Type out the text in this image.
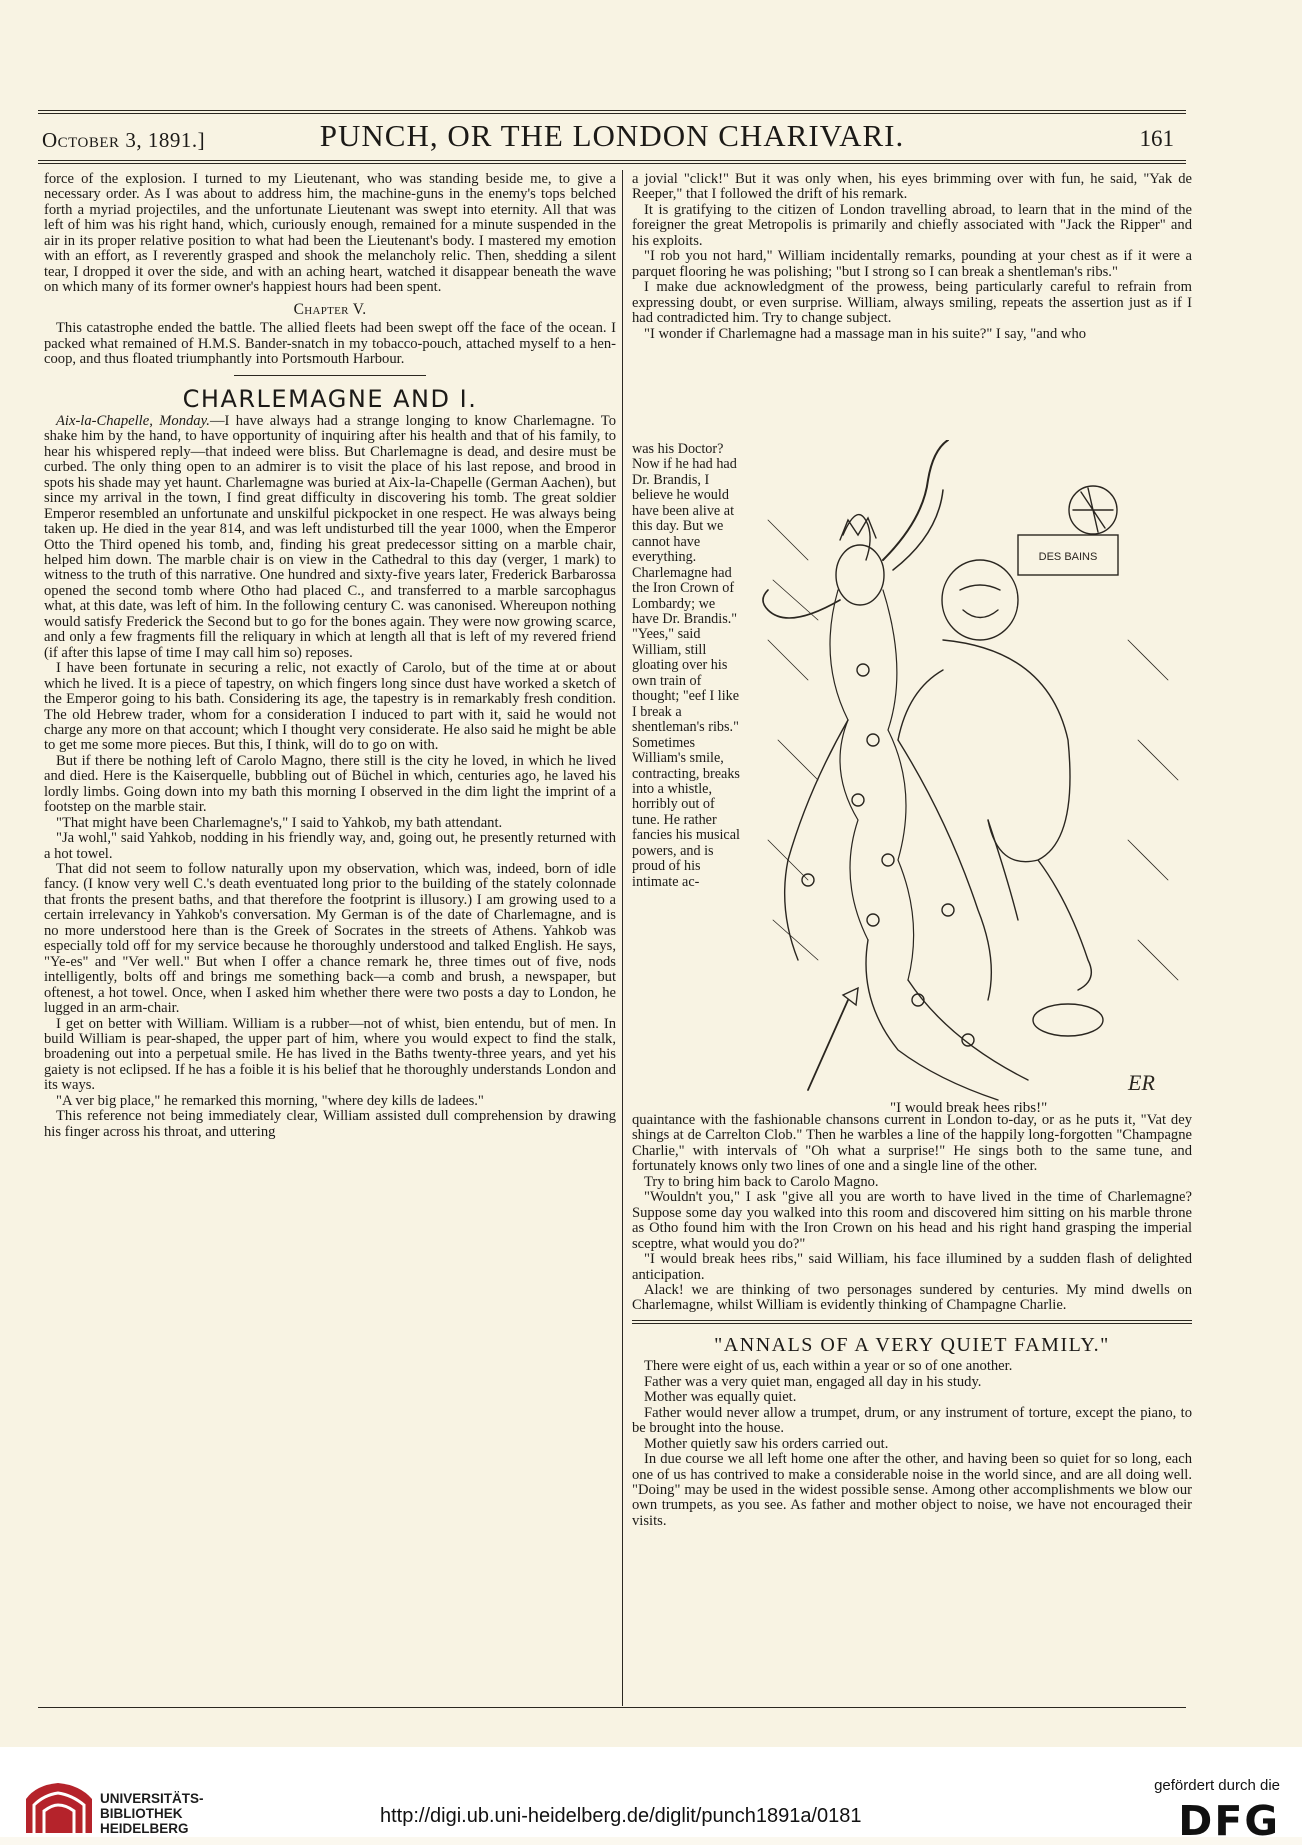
October 3, 1891.]	PUNCH, OR THE LONDON CHARIVARI.	161

force of the explosion. I turned to my Lieutenant, who was standing beside me, to give a necessary order. As I was about to address him, the machine-guns in the enemy's tops belched forth a myriad projectiles, and the unfortunate Lieutenant was swept into eternity. All that was left of him was his right hand, which, curiously enough, remained for a minute suspended in the air in its proper relative position to what had been the Lieutenant's body. I mastered my emotion with an effort, as I reverently grasped and shook the melancholy relic. Then, shedding a silent tear, I dropped it over the side, and with an aching heart, watched it disappear beneath the wave on which many of its former owner's happiest hours had been spent.

Chapter V.

This catastrophe ended the battle. The allied fleets had been swept off the face of the ocean. I packed what remained of H.M.S. Bander-snatch in my tobacco-pouch, attached myself to a hen-coop, and thus floated triumphantly into Portsmouth Harbour.

CHARLEMAGNE AND I.

Aix-la-Chapelle, Monday.—I have always had a strange longing to know Charlemagne. To shake him by the hand, to have opportunity of inquiring after his health and that of his family, to hear his whispered reply—that indeed were bliss. But Charlemagne is dead, and desire must be curbed. The only thing open to an admirer is to visit the place of his last repose, and brood in spots his shade may yet haunt. Charlemagne was buried at Aix-la-Chapelle (German Aachen), but since my arrival in the town, I find great difficulty in discovering his tomb. The great soldier Emperor resembled an unfortunate and unskilful pickpocket in one respect. He was always being taken up. He died in the year 814, and was left undisturbed till the year 1000, when the Emperor Otto the Third opened his tomb, and, finding his great predecessor sitting on a marble chair, helped him down. The marble chair is on view in the Cathedral to this day (verger, 1 mark) to witness to the truth of this narrative. One hundred and sixty-five years later, Frederick Barbarossa opened the second tomb where Otho had placed C., and transferred to a marble sarcophagus what, at this date, was left of him. In the following century C. was canonised. Whereupon nothing would satisfy Frederick the Second but to go for the bones again. They were now growing scarce, and only a few fragments fill the reliquary in which at length all that is left of my revered friend (if after this lapse of time I may call him so) reposes.

I have been fortunate in securing a relic, not exactly of Carolo, but of the time at or about which he lived. It is a piece of tapestry, on which fingers long since dust have worked a sketch of the Emperor going to his bath. Considering its age, the tapestry is in remarkably fresh condition. The old Hebrew trader, whom for a consideration I induced to part with it, said he would not charge any more on that account; which I thought very considerate. He also said he might be able to get me some more pieces. But this, I think, will do to go on with.

But if there be nothing left of Carolo Magno, there still is the city he loved, in which he lived and died. Here is the Kaiserquelle, bubbling out of Büchel in which, centuries ago, he laved his lordly limbs. Going down into my bath this morning I observed in the dim light the imprint of a footstep on the marble stair.

"That might have been Charlemagne's," I said to Yahkob, my bath attendant.

"Ja wohl," said Yahkob, nodding in his friendly way, and, going out, he presently returned with a hot towel.

That did not seem to follow naturally upon my observation, which was, indeed, born of idle fancy. (I know very well C.'s death eventuated long prior to the building of the stately colonnade that fronts the present baths, and that therefore the footprint is illusory.) I am growing used to a certain irrelevancy in Yahkob's conversation. My German is of the date of Charlemagne, and is no more understood here than is the Greek of Socrates in the streets of Athens. Yahkob was especially told off for my service because he thoroughly understood and talked English. He says, "Ye-es" and "Ver well." But when I offer a chance remark he, three times out of five, nods intelligently, bolts off and brings me something back—a comb and brush, a newspaper, but oftenest, a hot towel. Once, when I asked him whether there were two posts a day to London, he lugged in an arm-chair.

I get on better with William. William is a rubber—not of whist, bien entendu, but of men. In build William is pear-shaped, the upper part of him, where you would expect to find the stalk, broadening out into a perpetual smile. He has lived in the Baths twenty-three years, and yet his gaiety is not eclipsed. If he has a foible it is his belief that he thoroughly understands London and its ways.

"A ver big place," he remarked this morning, "where dey kills de ladees."

This reference not being immediately clear, William assisted dull comprehension by drawing his finger across his throat, and uttering

a jovial "click!" But it was only when, his eyes brimming over with fun, he said, "Yak de Reeper," that I followed the drift of his remark.

It is gratifying to the citizen of London travelling abroad, to learn that in the mind of the foreigner the great Metropolis is primarily and chiefly associated with "Jack the Ripper" and his exploits.

"I rob you not hard," William incidentally remarks, pounding at your chest as if it were a parquet flooring he was polishing; "but I strong so I can break a shentleman's ribs."

I make due acknowledgment of the prowess, being particularly careful to refrain from expressing doubt, or even surprise. William, always smiling, repeats the assertion just as if I had contradicted him. Try to change subject.

"I wonder if Charlemagne had a massage man in his suite?" I say, "and who

was his Doctor? Now if he had had Dr. Brandis, I believe he would have been alive at this day. But we cannot have everything. Charlemagne had the Iron Crown of Lombardy; we have Dr. Brandis." "Yees," said William, still gloating over his own train of thought; "eef I like I break a shentleman's ribs." Sometimes William's smile, contracting, breaks into a whistle, horribly out of tune. He rather fancies his musical powers, and is proud of his intimate ac-

DES BAINS
ER
"I would break hees ribs!"

quaintance with the fashionable chansons current in London to-day, or as he puts it, "Vat dey shings at de Carrelton Clob." Then he warbles a line of the happily long-forgotten "Champagne Charlie," with intervals of "Oh what a surprise!" He sings both to the same tune, and fortunately knows only two lines of one and a single line of the other.

Try to bring him back to Carolo Magno.

"Wouldn't you," I ask "give all you are worth to have lived in the time of Charlemagne? Suppose some day you walked into this room and discovered him sitting on his marble throne as Otho found him with the Iron Crown on his head and his right hand grasping the imperial sceptre, what would you do?"

"I would break hees ribs," said William, his face illumined by a sudden flash of delighted anticipation.

Alack! we are thinking of two personages sundered by centuries. My mind dwells on Charlemagne, whilst William is evidently thinking of Champagne Charlie.

"ANNALS OF A VERY QUIET FAMILY."

There were eight of us, each within a year or so of one another.

Father was a very quiet man, engaged all day in his study.

Mother was equally quiet.

Father would never allow a trumpet, drum, or any instrument of torture, except the piano, to be brought into the house.

Mother quietly saw his orders carried out.

In due course we all left home one after the other, and having been so quiet for so long, each one of us has contrived to make a considerable noise in the world since, and are all doing well. "Doing" may be used in the widest possible sense. Among other accomplishments we blow our own trumpets, as you see. As father and mother object to noise, we have not encouraged their visits.

UNIVERSITÄTS-
BIBLIOTHEK
HEIDELBERG
http://digi.ub.uni-heidelberg.de/diglit/punch1891a/0181
gefördert durch die
DFG
